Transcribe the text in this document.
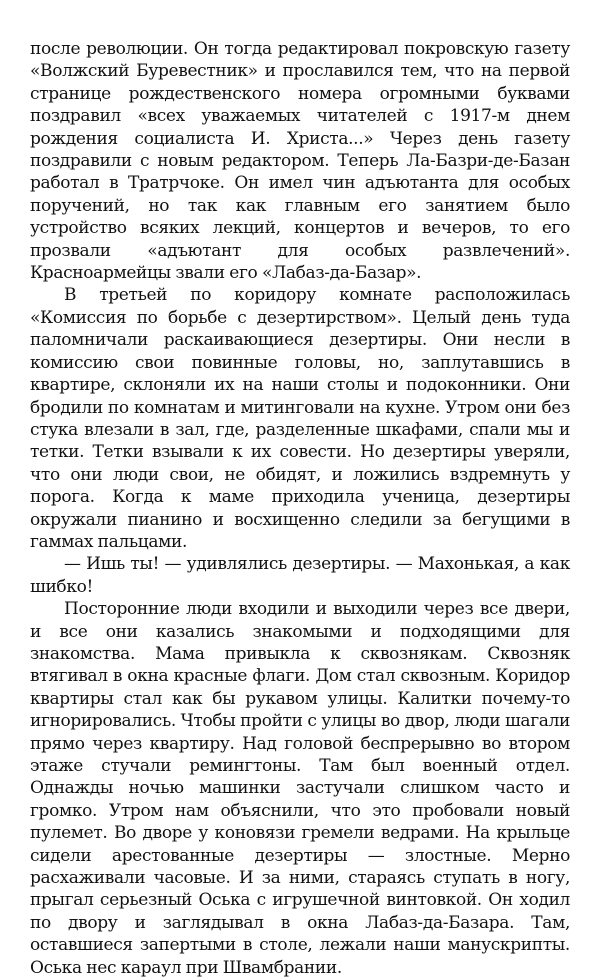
после революции. Он тогда редактировал покровскую газету «Волжский Буревестник» и прославился тем, что на первой странице рождественского номера огромными буквами поздравил «всех уважаемых читателей с 1917-м днем рождения социалиста И. Христа...» Через день газету поздравили с новым редактором. Теперь Ла-Базри-де-Базан работал в Тратрчоке. Он имел чин адъютанта для особых поручений, но так как главным его занятием было устройство всяких лекций, концертов и вечеров, то его прозвали «адъютант для особых развлечений». Красноармейцы звали его «Лабаз-да-Базар».

В третьей по коридору комнате расположилась «Комиссия по борьбе с дезертирством». Целый день туда паломничали раскаивающиеся дезертиры. Они несли в комиссию свои повинные головы, но, заплутавшись в квартире, склоняли их на наши столы и подоконники. Они бродили по комнатам и митинговали на кухне. Утром они без стука влезали в зал, где, разделенные шкафами, спали мы и тетки. Тетки взывали к их совести. Но дезертиры уверяли, что они люди свои, не обидят, и ложились вздремнуть у порога. Когда к маме приходила ученица, дезертиры окружали пианино и восхищенно следили за бегущими в гаммах пальцами.

— Ишь ты! — удивлялись дезертиры. — Махонькая, а как шибко!

Посторонние люди входили и выходили через все двери, и все они казались знакомыми и подходящими для знакомства. Мама привыкла к сквознякам. Сквозняк втягивал в окна красные флаги. Дом стал сквозным. Коридор квартиры стал как бы рукавом улицы. Калитки почему-то игнорировались. Чтобы пройти с улицы во двор, люди шагали прямо через квартиру. Над головой беспрерывно во втором этаже стучали ремингтоны. Там был военный отдел. Однажды ночью машинки застучали слишком часто и громко. Утром нам объяснили, что это пробовали новый пулемет. Во дворе у коновязи гремели ведрами. На крыльце сидели арестованные дезертиры — злостные. Мерно расхаживали часовые. И за ними, стараясь ступать в ногу, прыгал серьезный Оська с игрушечной винтовкой. Он ходил по двору и заглядывал в окна Лабаз-да-Базара. Там, оставшиеся запертыми в столе, лежали наши манускрипты. Оська нес караул при Швамбрании.
